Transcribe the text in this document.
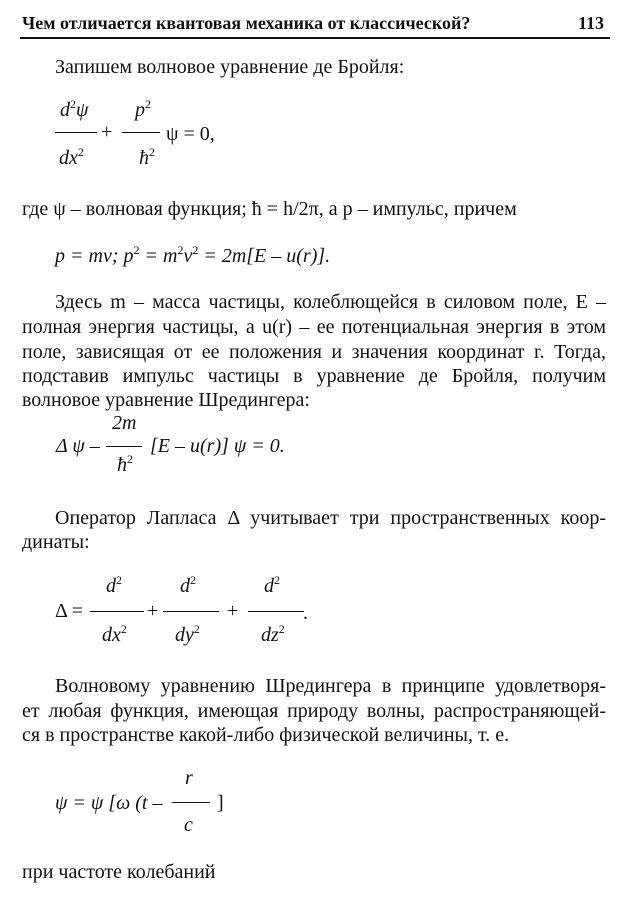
Чем отличается квантовая механика от классической?	113
Запишем волновое уравнение де Бройля:
$d^2\psi$
$dx^2$
+
$p^2$
$ħ^2$
ψ = 0,
где ψ – волновая функция; ħ = h/2π, а p – импульс, причем
p = mv; $p^2 = m^2v^2 = 2m[E - u(r)]$.
Здесь m – масса частицы, колеблющейся в силовом поле, E –
полная энергия частицы, а u(r) – ее потенциальная энергия в этом
поле, зависящая от ее положения и значения координат r. Тогда,
подставив импульс частицы в уравнение де Бройля, получим
волновое уравнение Шредингера:
Δ ψ –
2m
$ħ^2$
[E – u(r)] ψ = 0.
Оператор Лапласа Δ учитывает три пространственных коор-
динаты:
Δ =
$d^2$
$dx^2$
+
$d^2$
$dy^2$
+
$d^2$
$dz^2$
.
Волновому уравнению Шредингера в принципе удовлетворя-
ет любая функция, имеющая природу волны, распространяющей-
ся в пространстве какой-либо физической величины, т. е.
ψ = ψ [ω (t –
r
c
]
при частоте колебаний
